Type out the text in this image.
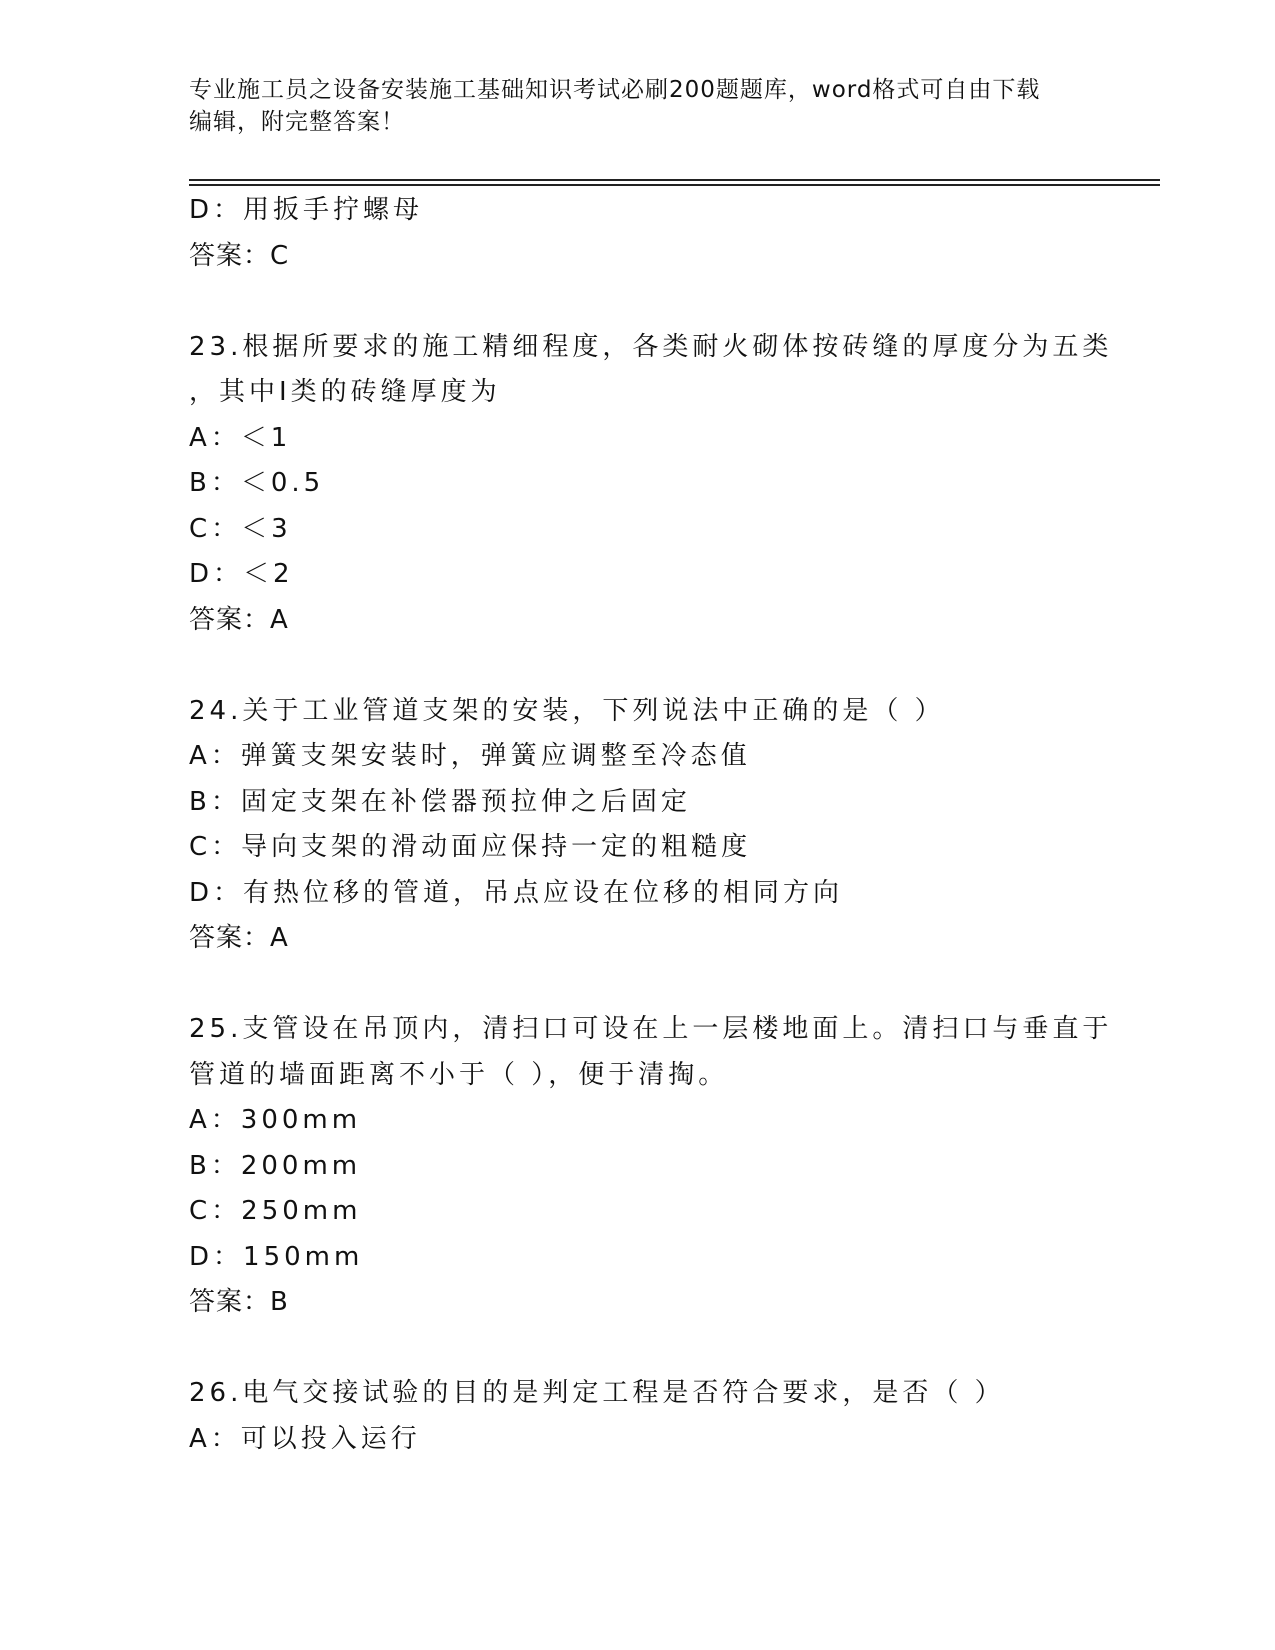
专业施工员之设备安装施工基础知识考试必刷200题题库，word格式可自由下载
编辑，附完整答案！
D：用扳手拧螺母
答案：C
23.根据所要求的施工精细程度，各类耐火砌体按砖缝的厚度分为五类
，其中Ⅰ类的砖缝厚度为
A：＜1
B：＜0.5
C：＜3
D：＜2
答案：A
24.关于工业管道支架的安装，下列说法中正确的是（ ）
A：弹簧支架安装时，弹簧应调整至冷态值
B：固定支架在补偿器预拉伸之后固定
C：导向支架的滑动面应保持一定的粗糙度
D：有热位移的管道，吊点应设在位移的相同方向
答案：A
25.支管设在吊顶内，清扫口可设在上一层楼地面上。清扫口与垂直于
管道的墙面距离不小于（ ），便于清掏。
A：300mm
B：200mm
C：250mm
D：150mm
答案：B
26.电气交接试验的目的是判定工程是否符合要求，是否（ ）
A：可以投入运行
